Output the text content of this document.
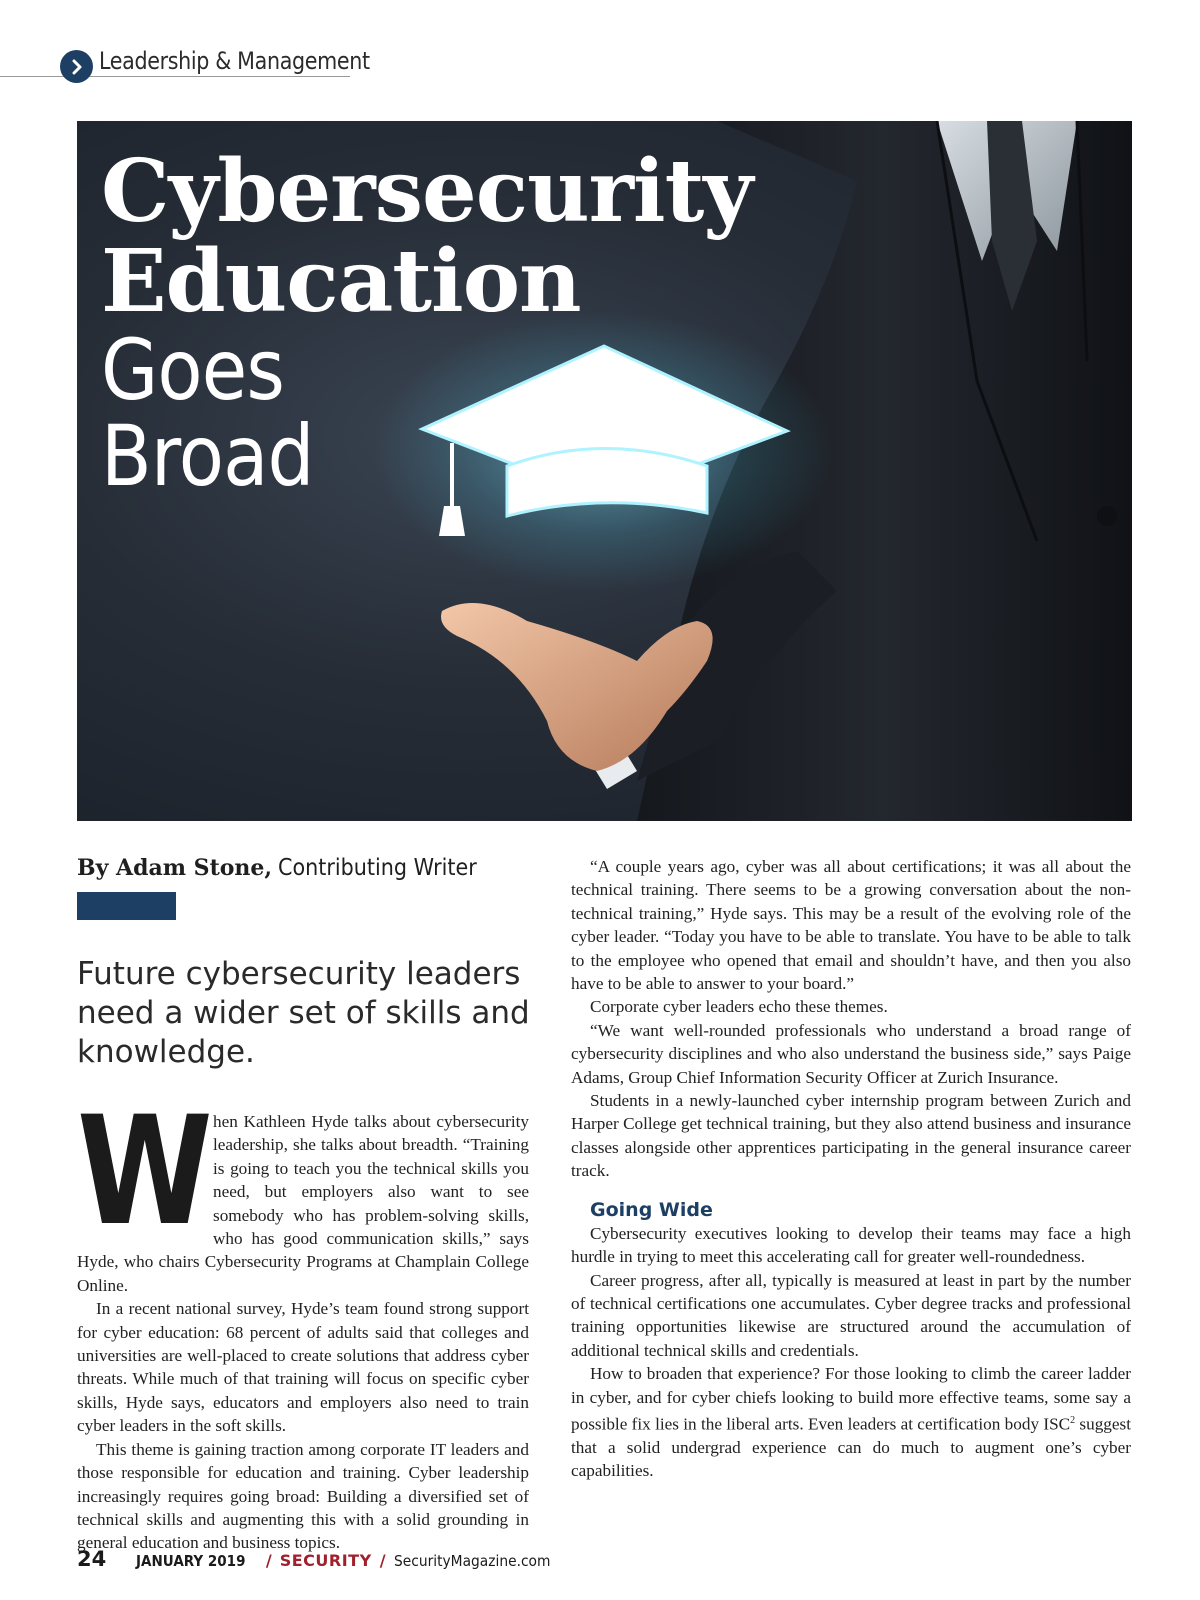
Leadership & Management
Cybersecurity
Education
Goes
Broad
By Adam Stone, Contributing Writer
Future cybersecurity leaders need a wider set of skills and knowledge.

When Kathleen Hyde talks about cybersecurity leadership, she talks about breadth. “Training is going to teach you the technical skills you need, but employers also want to see somebody who has problem-solving skills, who has good communication skills,” says Hyde, who chairs Cybersecurity Programs at Champlain College Online.

In a recent national survey, Hyde’s team found strong support for cyber education: 68 percent of adults said that colleges and universities are well-placed to create solutions that address cyber threats. While much of that training will focus on specific cyber skills, Hyde says, educators and employers also need to train cyber leaders in the soft skills.

This theme is gaining traction among corporate IT leaders and those responsible for education and training. Cyber leadership increasingly requires going broad: Building a diversified set of technical skills and augmenting this with a solid grounding in general education and business topics.

“A couple years ago, cyber was all about certifications; it was all about the technical training. There seems to be a growing conversation about the non-technical training,” Hyde says. This may be a result of the evolving role of the cyber leader. “Today you have to be able to translate. You have to be able to talk to the employee who opened that email and shouldn’t have, and then you also have to be able to answer to your board.”

Corporate cyber leaders echo these themes.

“We want well-rounded professionals who understand a broad range of cybersecurity disciplines and who also understand the business side,” says Paige Adams, Group Chief Information Security Officer at Zurich Insurance.

Students in a newly-launched cyber internship program between Zurich and Harper College get technical training, but they also attend business and insurance classes alongside other apprentices participating in the general insurance career track.

Going Wide

Cybersecurity executives looking to develop their teams may face a high hurdle in trying to meet this accelerating call for greater well-roundedness.

Career progress, after all, typically is measured at least in part by the number of technical certifications one accumulates. Cyber degree tracks and professional training opportunities likewise are structured around the accumulation of additional technical skills and credentials.

How to broaden that experience? For those looking to climb the career ladder in cyber, and for cyber chiefs looking to build more effective teams, some say a possible fix lies in the liberal arts. Even leaders at certification body ISC$^2$ suggest that a solid undergrad experience can do much to augment one’s cyber capabilities.

24 JANUARY 2019 / SECURITY / SecurityMagazine.com
